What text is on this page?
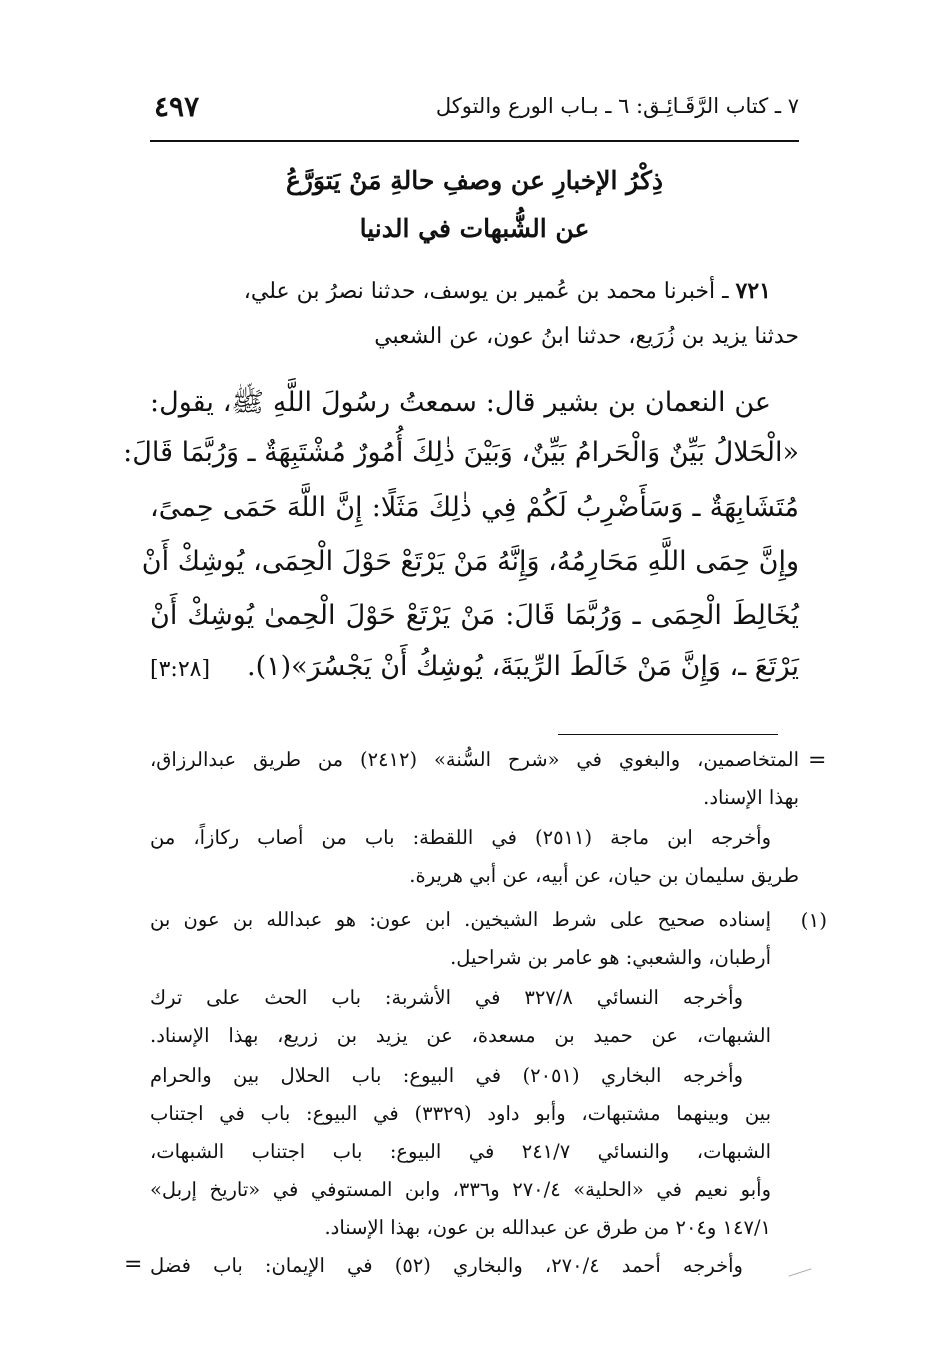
٧ ـ كتاب الرَّقَـائِـق: ٦ ـ بـاب الورع والتوكل
٤٩٧
ذِكْرُ الإخبارِ عن وصفِ حالةِ مَنْ يَتوَرَّعُ
عن الشُّبهات في الدنيا
٧٢١ ـ أخبرنا محمد بن عُمير بن يوسف، حدثنا نصرُ بن علي،
حدثنا يزيد بن زُرَيع، حدثنا ابنُ عون، عن الشعبي
عن النعمان بن بشير قال: سمعتُ رسُولَ اللَّهِ ﷺ، يقول:
«الْحَلالُ بَيِّنٌ وَالْحَرامُ بَيِّنٌ، وَبَيْنَ ذٰلِكَ أُمُورٌ مُشْتَبِهَةٌ ـ وَرُبَّمَا قَالَ:
مُتَشَابِهَةٌ ـ وَسَأَضْرِبُ لَكُمْ فِي ذٰلِكَ مَثَلًا: إِنَّ اللَّهَ حَمَى حِمىً،
وإِنَّ حِمَى اللَّهِ مَحَارِمُهُ، وَإِنَّهُ مَنْ يَرْتَعْ حَوْلَ الْحِمَى، يُوشِكْ أَنْ
يُخَالِطَ الْحِمَى ـ وَرُبَّمَا قَالَ: مَنْ يَرْتَعْ حَوْلَ الْحِمىٰ يُوشِكْ أَنْ
يَرْتَعَ ـ، وَإِنَّ مَنْ خَالَطَ الرِّيبَةَ، يُوشِكُ أَنْ يَجْسُرَ»(١).
[٣:٢٨]
=
المتخاصمين، والبغوي في «شرح السُّنة» (٢٤١٢) من طريق عبدالرزاق،
بهذا الإسناد.
وأخرجه ابن ماجة (٢٥١١) في اللقطة: باب من أصاب ركازاً، من
طريق سليمان بن حيان، عن أبيه، عن أبي هريرة.
(١)
إسناده صحيح على شرط الشيخين. ابن عون: هو عبدالله بن عون بن
أرطبان، والشعبي: هو عامر بن شراحيل.
وأخرجه النسائي ٣٢٧/٨ في الأشربة: باب الحث على ترك
الشبهات، عن حميد بن مسعدة، عن يزيد بن زريع، بهذا الإسناد.
وأخرجه البخاري (٢٠٥١) في البيوع: باب الحلال بين والحرام
بين وبينهما مشتبهات، وأبو داود (٣٣٢٩) في البيوع: باب في اجتناب
الشبهات، والنسائي ٢٤١/٧ في البيوع: باب اجتناب الشبهات،
وأبو نعيم في «الحلية» ٢٧٠/٤ و٣٣٦، وابن المستوفي في «تاريخ إربل»
١٤٧/١ و٢٠٤ من طرق عن عبدالله بن عون، بهذا الإسناد.
وأخرجه أحمد ٢٧٠/٤، والبخاري (٥٢) في الإيمان: باب فضل
=
